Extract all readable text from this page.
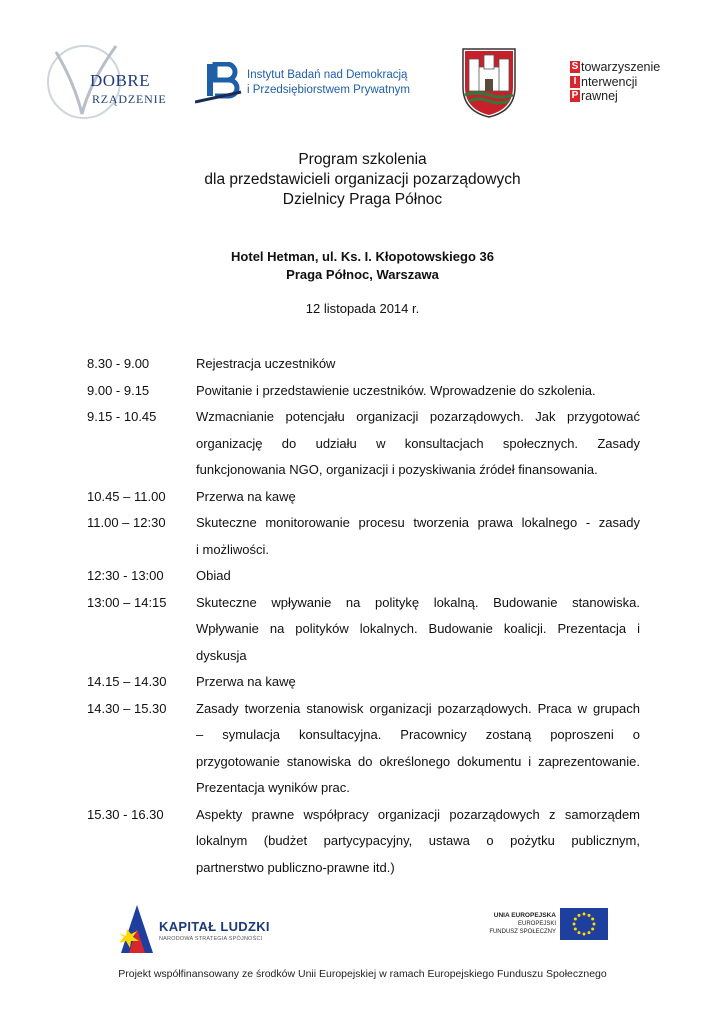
DOBRE
RZĄDZENIE
Instytut Badań nad Demokracją
i Przedsiębiorstwem Prywatnym
S towarzyszenie
I nterwencji
P rawnej
Program szkolenia
dla przedstawicieli organizacji pozarządowych
Dzielnicy Praga Północ
Hotel Hetman, ul. Ks. I. Kłopotowskiego 36
Praga Północ, Warszawa
12 listopada 2014 r.
8.30 - 9.00	Rejestracja uczestników
9.00 - 9.15	Powitanie i przedstawienie uczestników. Wprowadzenie do szkolenia.
9.15 - 10.45	Wzmacnianie potencjału organizacji pozarządowych. Jak przygotować
organizację do udziału w konsultacjach społecznych. Zasady
funkcjonowania NGO, organizacji i pozyskiwania źródeł finansowania.
10.45 – 11.00	Przerwa na kawę
11.00 – 12:30	Skuteczne monitorowanie procesu tworzenia prawa lokalnego - zasady
i możliwości.
12:30 - 13:00	Obiad
13:00 – 14:15	Skuteczne wpływanie na politykę lokalną. Budowanie stanowiska.
Wpływanie na polityków lokalnych. Budowanie koalicji. Prezentacja i
dyskusja
14.15 – 14.30	Przerwa na kawę
14.30 – 15.30	Zasady tworzenia stanowisk organizacji pozarządowych. Praca w grupach
– symulacja konsultacyjna. Pracownicy zostaną poproszeni o
przygotowanie stanowiska do określonego dokumentu i zaprezentowanie.
Prezentacja wyników prac.
15.30 - 16.30	Aspekty prawne współpracy organizacji pozarządowych z samorządem
lokalnym (budżet partycypacyjny, ustawa o pożytku publicznym,
partnerstwo publiczno-prawne itd.)
KAPITAŁ LUDZKI
NARODOWA STRATEGIA SPÓJNOŚCI
UNIA EUROPEJSKA
EUROPEJSKI
FUNDUSZ SPOŁECZNY
Projekt współfinansowany ze środków Unii Europejskiej w ramach Europejskiego Funduszu Społecznego
